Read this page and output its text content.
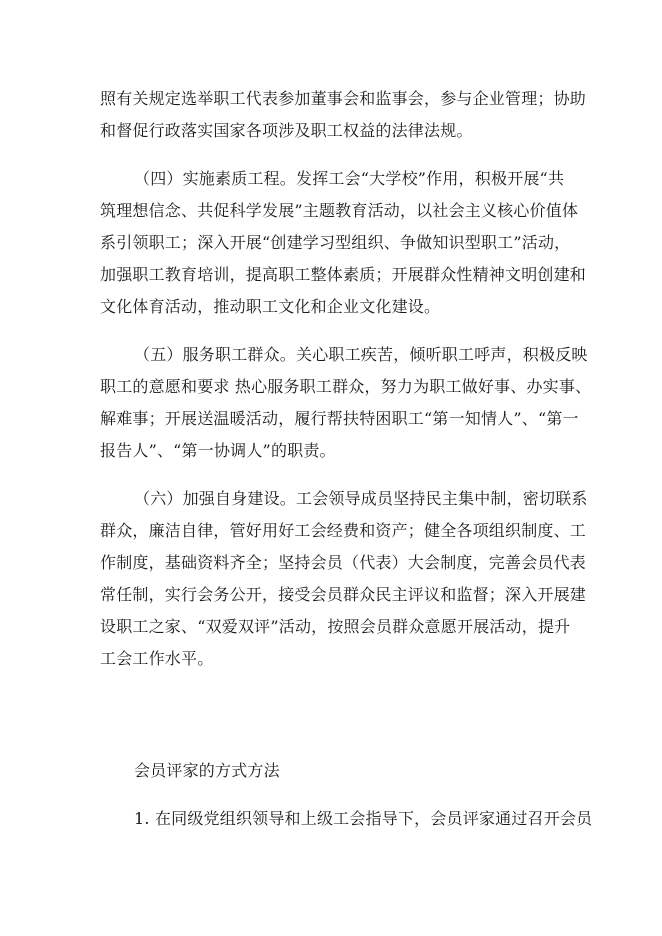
照有关规定选举职工代表参加董事会和监事会，参与企业管理；协助
和督促行政落实国家各项涉及职工权益的法律法规。
（四）实施素质工程。发挥工会“大学校”作用，积极开展“共
筑理想信念、共促科学发展”主题教育活动，以社会主义核心价值体
系引领职工；深入开展“创建学习型组织、争做知识型职工”活动，
加强职工教育培训，提高职工整体素质；开展群众性精神文明创建和
文化体育活动，推动职工文化和企业文化建设。
（五）服务职工群众。关心职工疾苦，倾听职工呼声，积极反映
职工的意愿和要求 热心服务职工群众，努力为职工做好事、办实事、
解难事；开展送温暖活动，履行帮扶特困职工“第一知情人”、“第一
报告人”、“第一协调人”的职责。
（六）加强自身建设。工会领导成员坚持民主集中制，密切联系
群众，廉洁自律，管好用好工会经费和资产；健全各项组织制度、工
作制度，基础资料齐全；坚持会员（代表）大会制度，完善会员代表
常任制，实行会务公开，接受会员群众民主评议和监督；深入开展建
设职工之家、“双爱双评”活动，按照会员群众意愿开展活动，提升
工会工作水平。
会员评家的方式方法
1. 在同级党组织领导和上级工会指导下，会员评家通过召开会员
